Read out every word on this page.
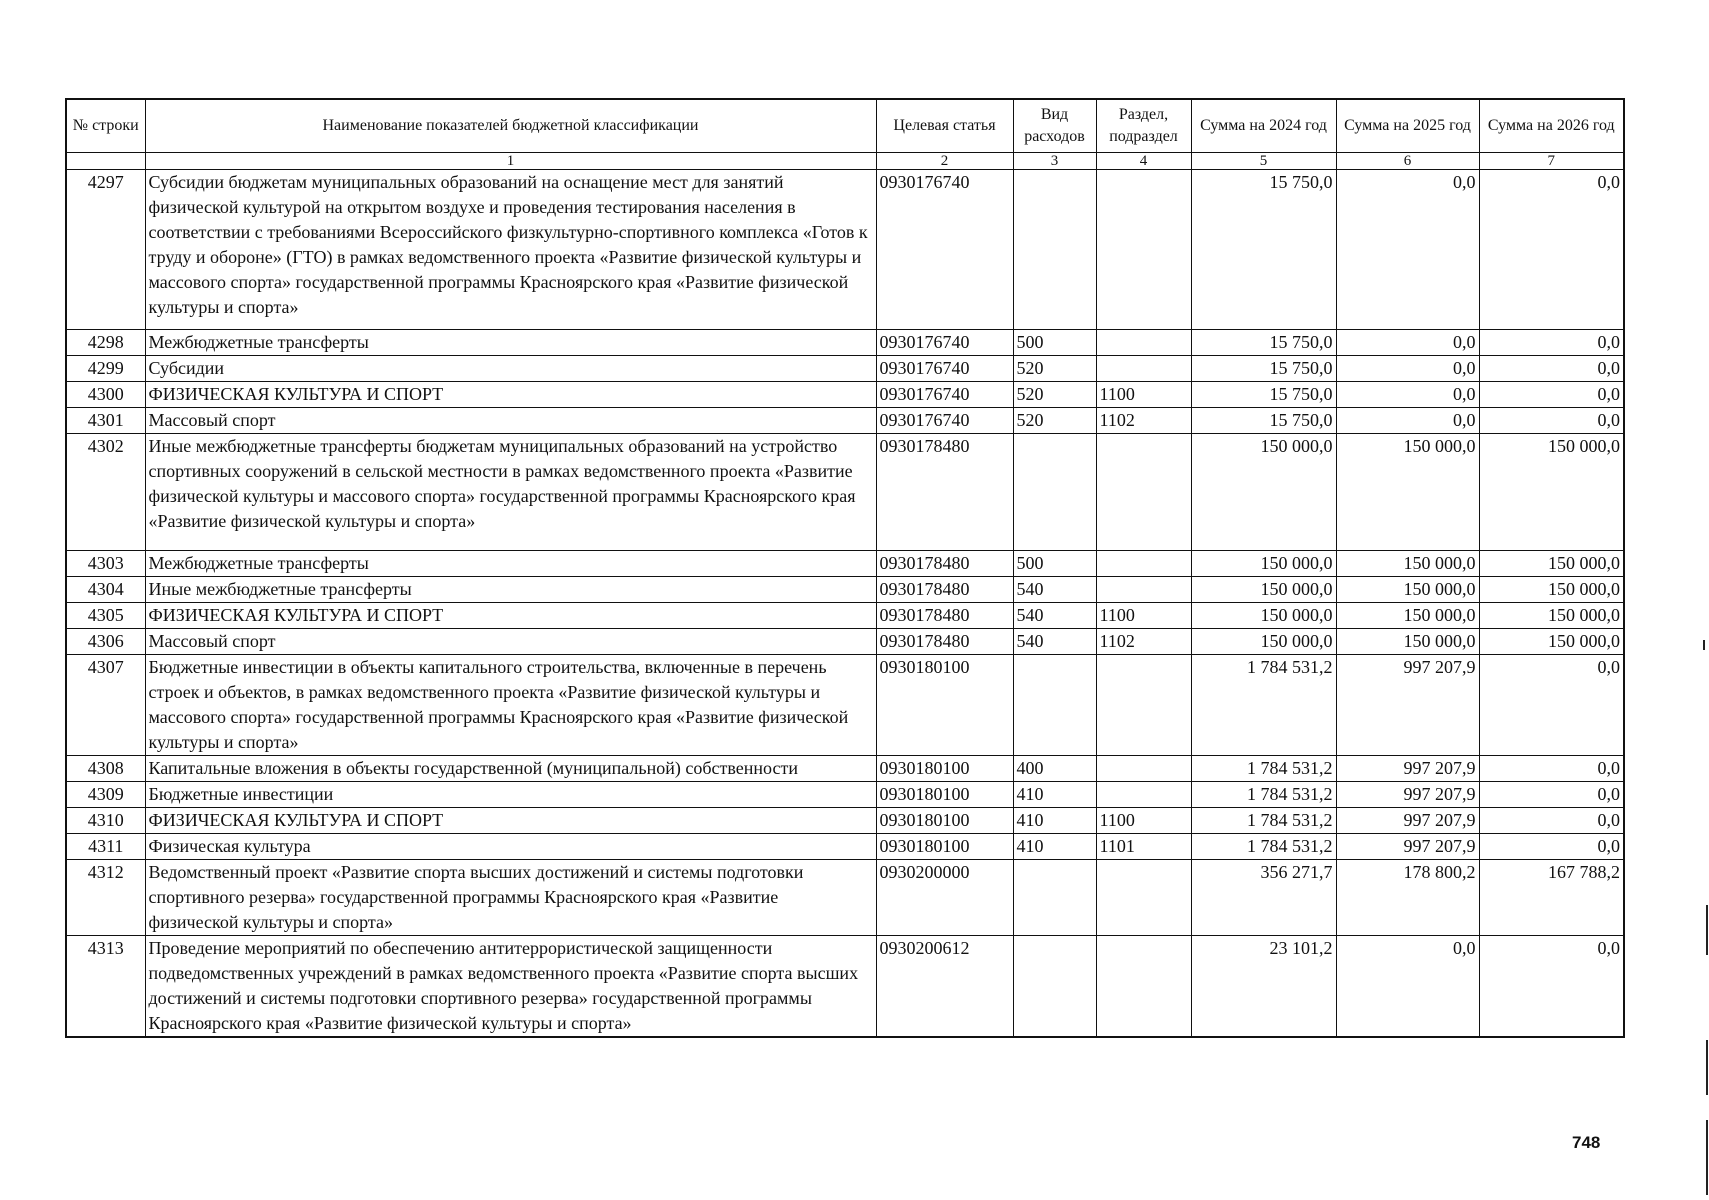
№ строки	Наименование показателей бюджетной классификации	Целевая статья	Вид расходов	Раздел, подраздел	Сумма на 2024 год	Сумма на 2025 год	Сумма на 2026 год
	1	2	3	4	5	6	7
4297	Субсидии бюджетам муниципальных образований на оснащение мест для занятий физической культурой на открытом воздухе и проведения тестирования населения в соответствии с требованиями Всероссийского физкультурно-спортивного комплекса «Готов к труду и обороне» (ГТО) в рамках ведомственного проекта «Развитие физической культуры и массового спорта» государственной программы Красноярского края «Развитие физической культуры и спорта»	0930176740			15 750,0	0,0	0,0
4298	Межбюджетные трансферты	0930176740	500		15 750,0	0,0	0,0
4299	Субсидии	0930176740	520		15 750,0	0,0	0,0
4300	ФИЗИЧЕСКАЯ КУЛЬТУРА И СПОРТ	0930176740	520	1100	15 750,0	0,0	0,0
4301	Массовый спорт	0930176740	520	1102	15 750,0	0,0	0,0
4302	Иные межбюджетные трансферты бюджетам муниципальных образований на устройство спортивных сооружений в сельской местности в рамках ведомственного проекта «Развитие физической культуры и массового спорта» государственной программы Красноярского края «Развитие физической культуры и спорта»	0930178480			150 000,0	150 000,0	150 000,0
4303	Межбюджетные трансферты	0930178480	500		150 000,0	150 000,0	150 000,0
4304	Иные межбюджетные трансферты	0930178480	540		150 000,0	150 000,0	150 000,0
4305	ФИЗИЧЕСКАЯ КУЛЬТУРА И СПОРТ	0930178480	540	1100	150 000,0	150 000,0	150 000,0
4306	Массовый спорт	0930178480	540	1102	150 000,0	150 000,0	150 000,0
4307	Бюджетные инвестиции в объекты капитального строительства, включенные в перечень строек и объектов, в рамках ведомственного проекта «Развитие физической культуры и массового спорта» государственной программы Красноярского края «Развитие физической культуры и спорта»	0930180100			1 784 531,2	997 207,9	0,0
4308	Капитальные вложения в объекты государственной (муниципальной) собственности	0930180100	400		1 784 531,2	997 207,9	0,0
4309	Бюджетные инвестиции	0930180100	410		1 784 531,2	997 207,9	0,0
4310	ФИЗИЧЕСКАЯ КУЛЬТУРА И СПОРТ	0930180100	410	1100	1 784 531,2	997 207,9	0,0
4311	Физическая культура	0930180100	410	1101	1 784 531,2	997 207,9	0,0
4312	Ведомственный проект «Развитие спорта высших достижений и системы подготовки спортивного резерва» государственной программы Красноярского края «Развитие физической культуры и спорта»	0930200000			356 271,7	178 800,2	167 788,2
4313	Проведение мероприятий по обеспечению антитеррористической защищенности подведомственных учреждений в рамках ведомственного проекта «Развитие спорта высших достижений и системы подготовки спортивного резерва» государственной программы Красноярского края «Развитие физической культуры и спорта»	0930200612			23 101,2	0,0	0,0
748
